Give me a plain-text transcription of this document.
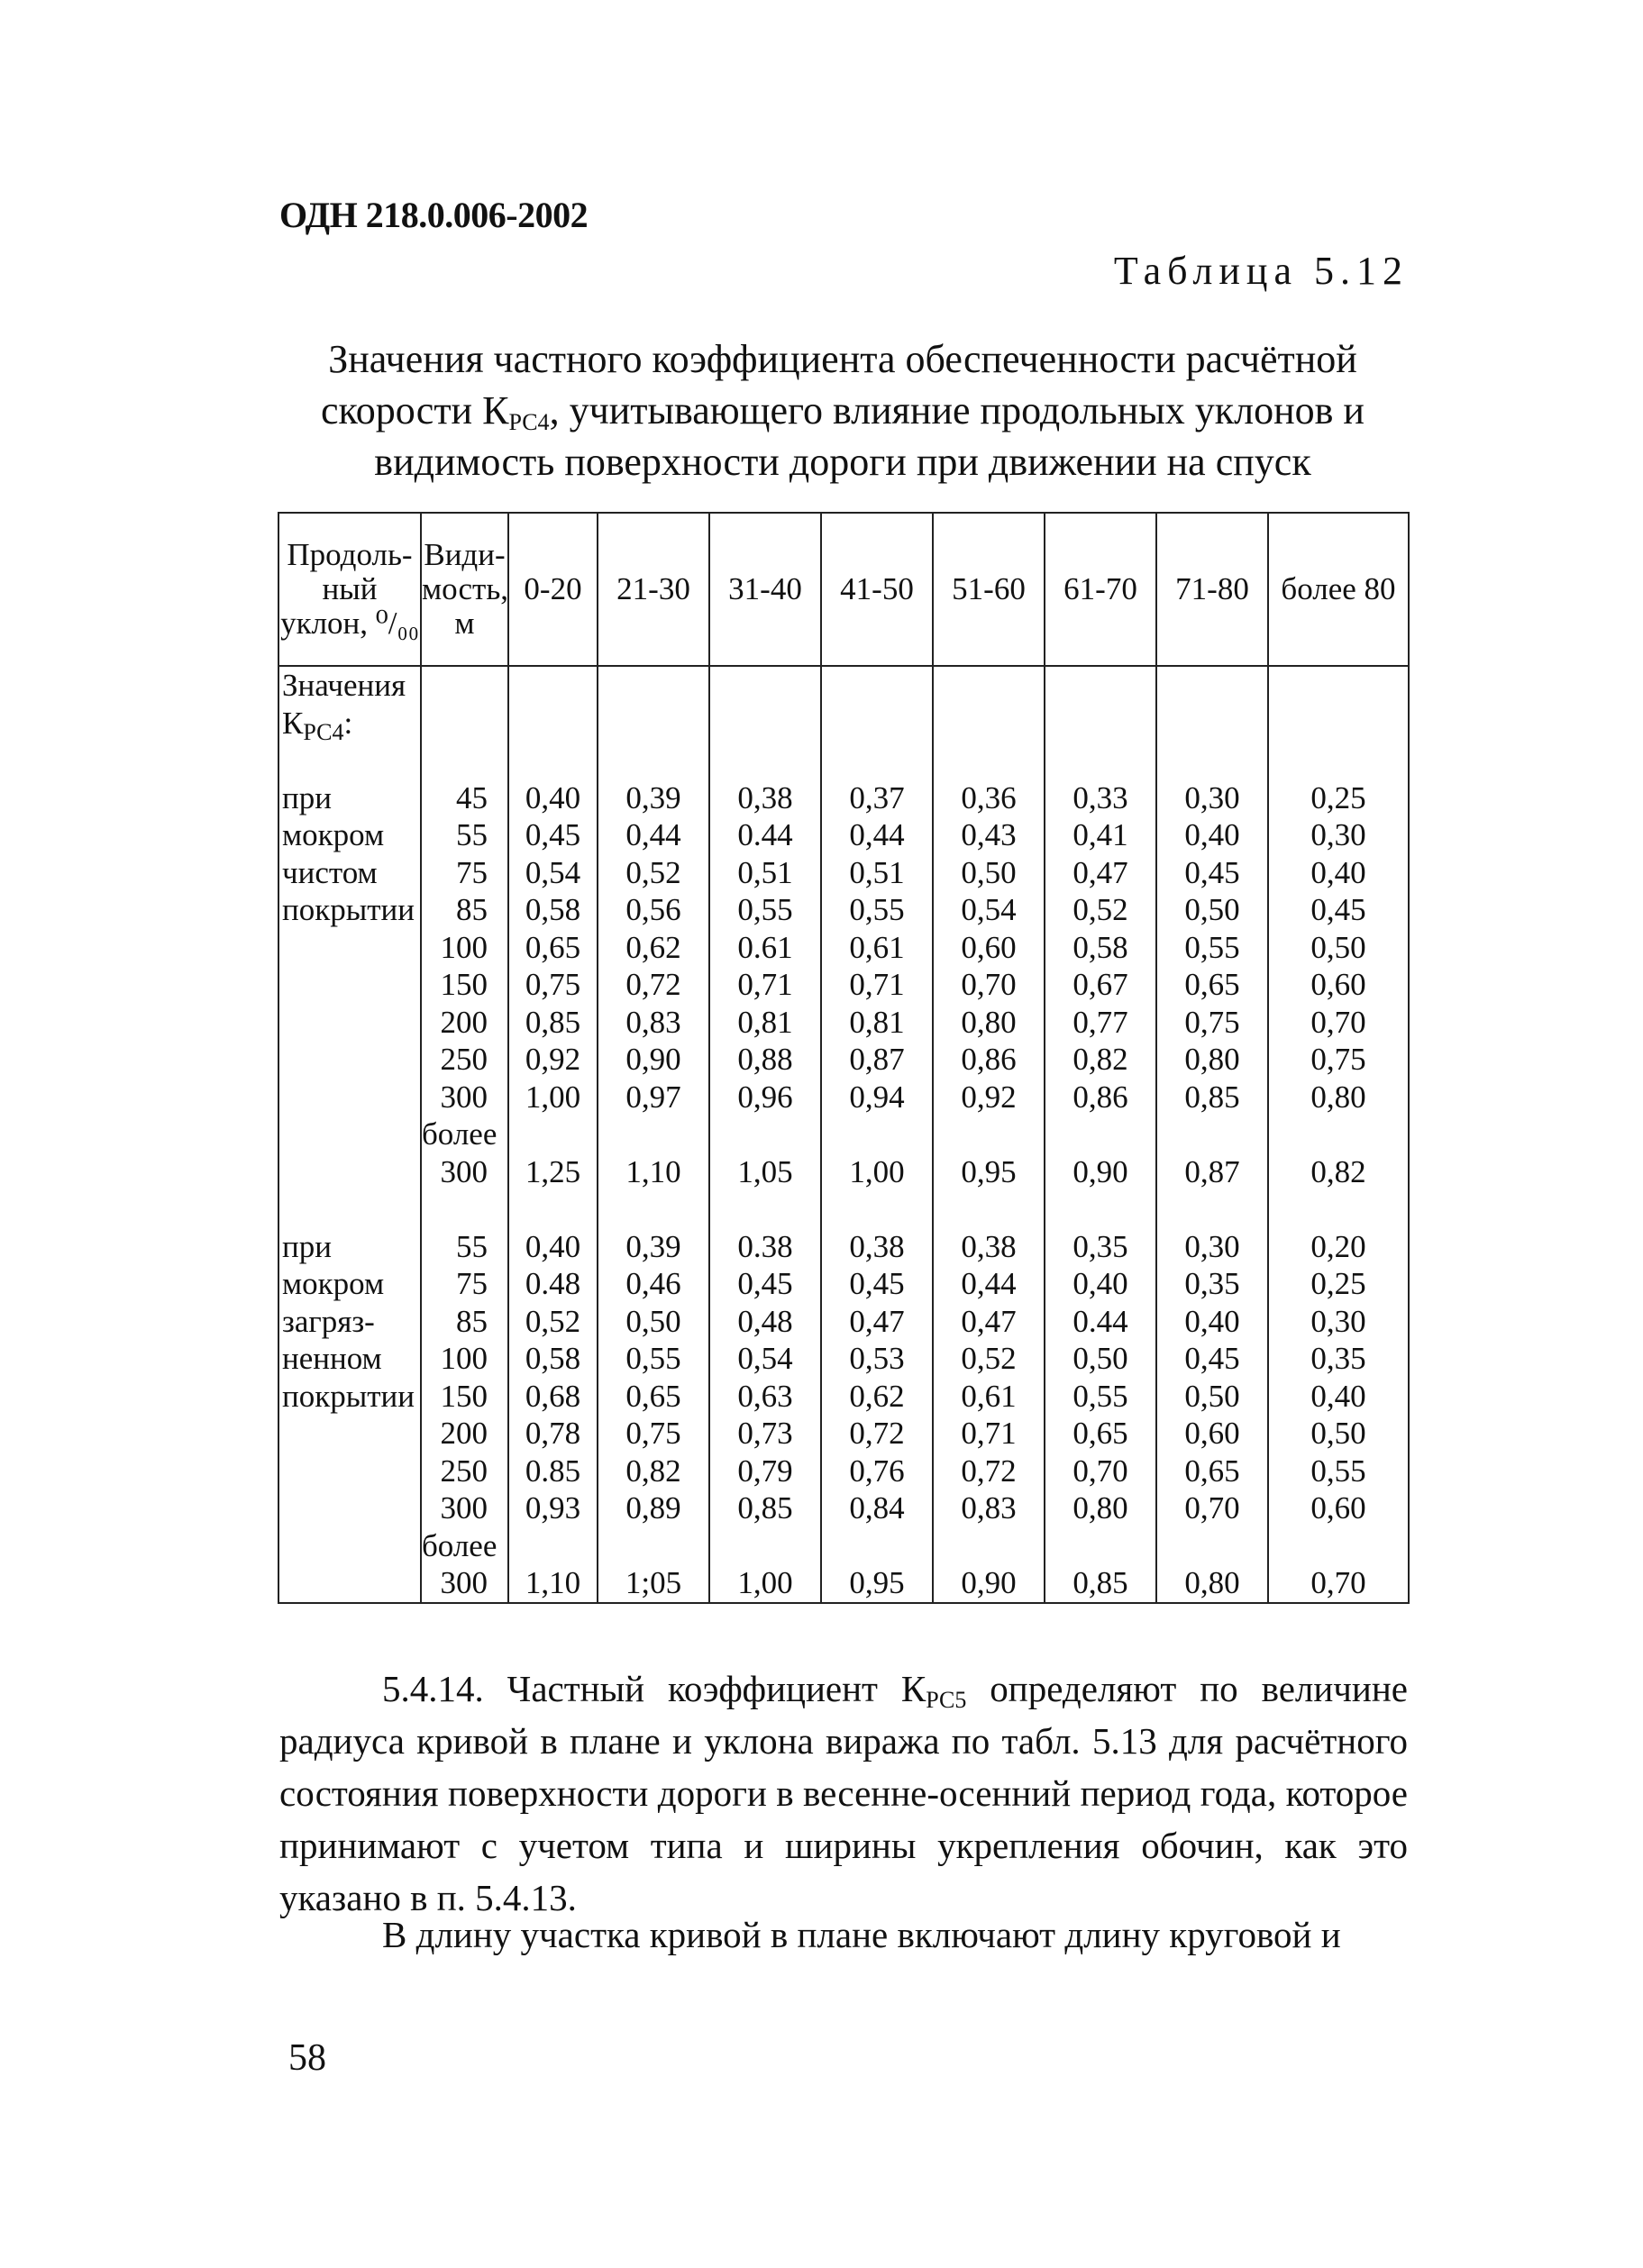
ОДН 218.0.006-2002
Таблица 5.12
Значения частного коэффициента обеспеченности расчётной
скорости $К_{РС4}$, учитывающего влияние продольных уклонов и
видимость поверхности дороги при движении на спуск
Продоль-ный уклон, ⁰/₀₀	Види-мость, м	0-20	21-30	31-40	41-50	51-60	61-70	71-80	более 80
Значения									
$К_{РС4}$:									

при	45	0,40	0,39	0,38	0,37	0,36	0,33	0,30	0,25
мокром	55	0,45	0,44	0.44	0,44	0,43	0,41	0,40	0,30
чистом	75	0,54	0,52	0,51	0,51	0,50	0,47	0,45	0,40
покрытии	85	0,58	0,56	0,55	0,55	0,54	0,52	0,50	0,45
	100	0,65	0,62	0.61	0,61	0,60	0,58	0,55	0,50
	150	0,75	0,72	0,71	0,71	0,70	0,67	0,65	0,60
	200	0,85	0,83	0,81	0,81	0,80	0,77	0,75	0,70
	250	0,92	0,90	0,88	0,87	0,86	0,82	0,80	0,75
	300	1,00	0,97	0,96	0,94	0,92	0,86	0,85	0,80
	более								
	300	1,25	1,10	1,05	1,00	0,95	0,90	0,87	0,82

при	55	0,40	0,39	0.38	0,38	0,38	0,35	0,30	0,20
мокром	75	0.48	0,46	0,45	0,45	0,44	0,40	0,35	0,25
загряз-	85	0,52	0,50	0,48	0,47	0,47	0.44	0,40	0,30
ненном	100	0,58	0,55	0,54	0,53	0,52	0,50	0,45	0,35
покрытии	150	0,68	0,65	0,63	0,62	0,61	0,55	0,50	0,40
	200	0,78	0,75	0,73	0,72	0,71	0,65	0,60	0,50
	250	0.85	0,82	0,79	0,76	0,72	0,70	0,65	0,55
	300	0,93	0,89	0,85	0,84	0,83	0,80	0,70	0,60
	более								
	300	1,10	1;05	1,00	0,95	0,90	0,85	0,80	0,70
5.4.14. Частный коэффициент $К_{РС5}$ определяют по величине радиуса кривой в плане и уклона виража по табл. 5.13 для расчётного состояния поверхности дороги в весенне-осенний период года, которое принимают с учетом типа и ширины укрепления обочин, как это указано в п. 5.4.13.
В длину участка кривой в плане включают длину круговой и
58
